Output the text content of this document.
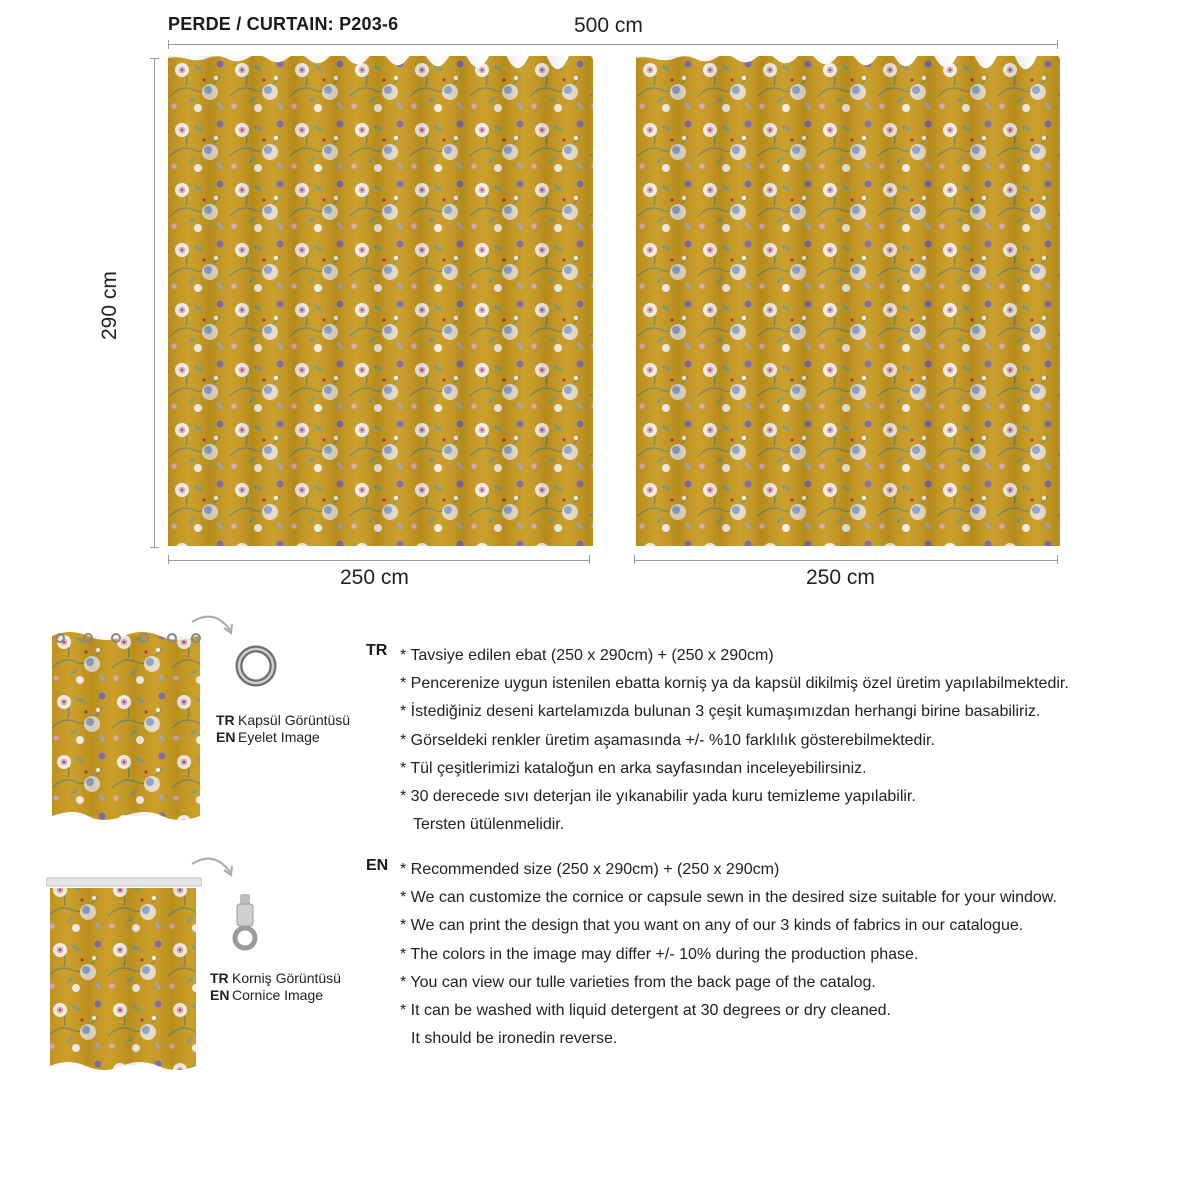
PERDE / CURTAIN: P203-6	500 cm
290 cm
250 cm	250 cm
TR Kapsül Görüntüsü
EN Eyelet Image
TR Korniş Görüntüsü
EN Cornice Image
TR * Tavsiye edilen ebat (250 x 290cm) + (250 x 290cm)
* Pencerenize uygun istenilen ebatta korniş ya da kapsül dikilmiş özel üretim yapılabilmektedir.
* İstediğiniz deseni kartelamızda bulunan 3 çeşit kumaşımızdan herhangi birine basabiliriz.
* Görseldeki renkler üretim aşamasında +/- %10 farklılık gösterebilmektedir.
* Tül çeşitlerimizi kataloğun en arka sayfasından inceleyebilirsiniz.
* 30 derecede sıvı deterjan ile yıkanabilir yada kuru temizleme yapılabilir.
Tersten ütülenmelidir.
EN * Recommended size (250 x 290cm) + (250 x 290cm)
* We can customize the cornice or capsule sewn in the desired size suitable for your window.
* We can print the design that you want on any of our 3 kinds of fabrics in our catalogue.
* The colors in the image may differ +/- 10% during the production phase.
* You can view our tulle varieties from the back page of the catalog.
* It can be washed with liquid detergent at 30 degrees or dry cleaned.
It should be ironedin reverse.
